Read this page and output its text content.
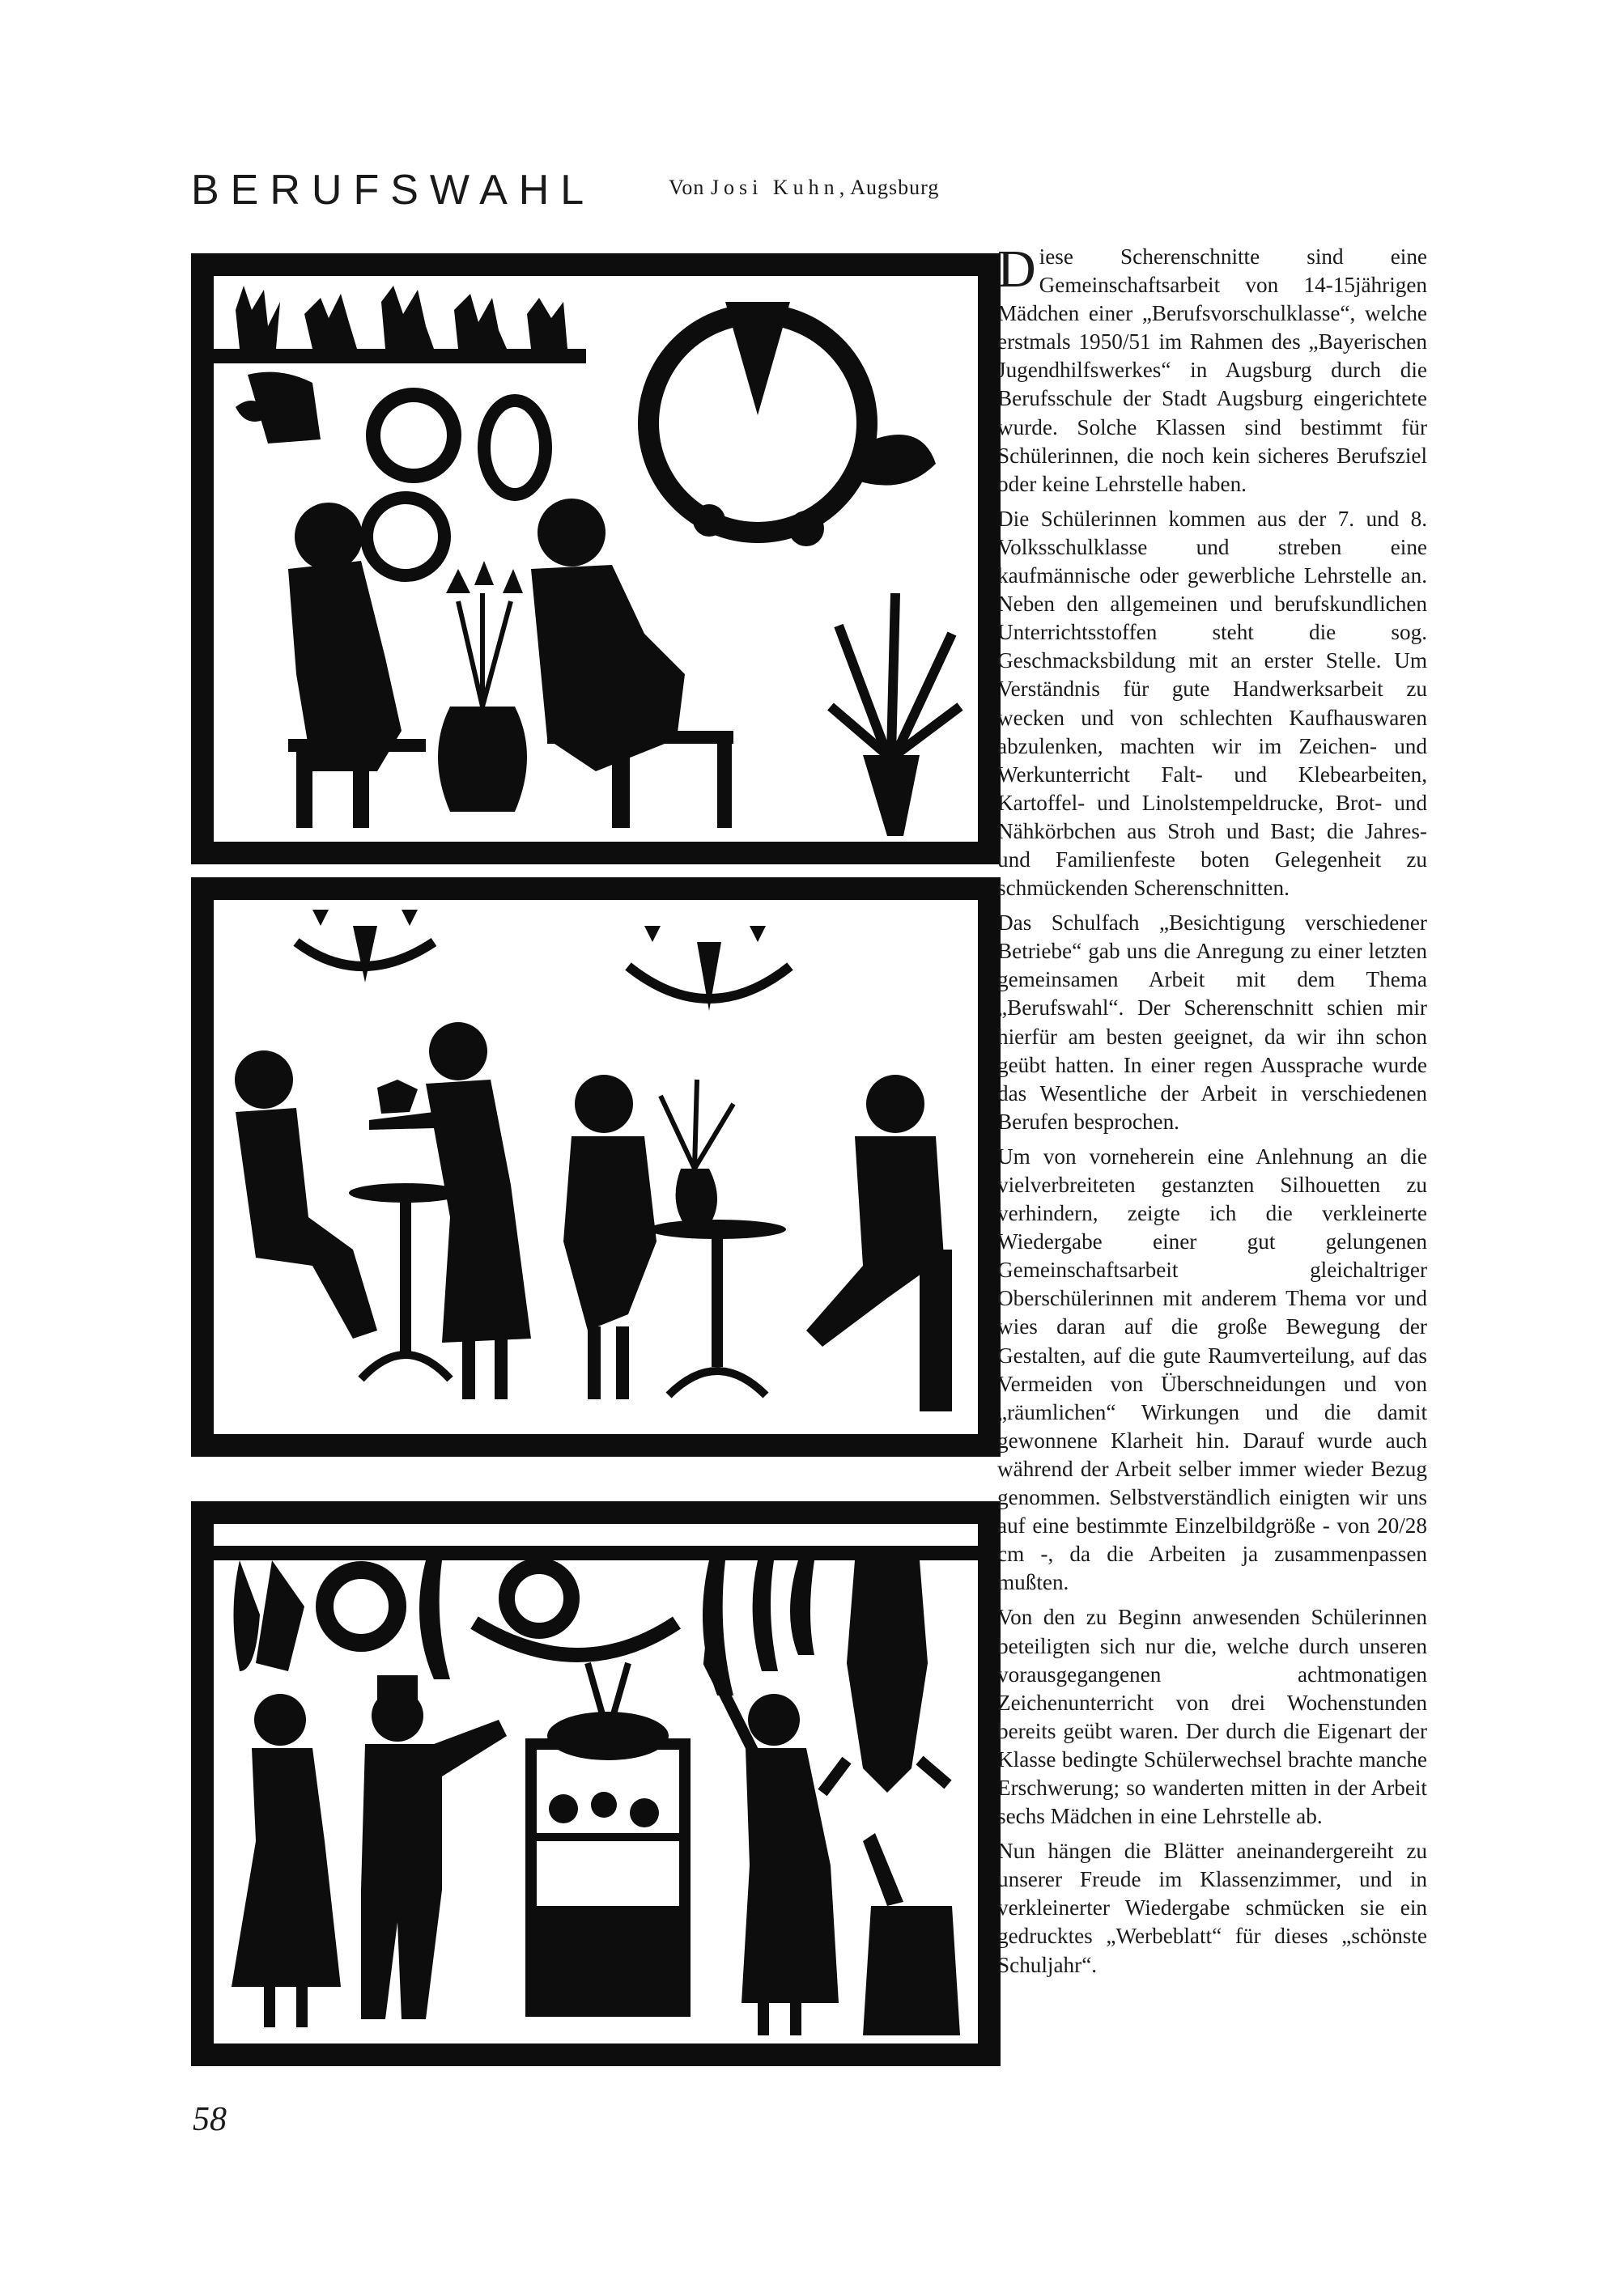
BERUFSWAHL	Von Josi Kuhn, Augsburg

Diese Scherenschnitte sind eine Gemeinschaftsarbeit von 14-15jährigen Mädchen einer „Berufsvorschulklasse“, welche erstmals 1950/51 im Rahmen des „Bayerischen Jugendhilfswerkes“ in Augsburg durch die Berufsschule der Stadt Augsburg eingerichtete wurde. Solche Klassen sind bestimmt für Schülerinnen, die noch kein sicheres Berufsziel oder keine Lehrstelle haben.

Die Schülerinnen kommen aus der 7. und 8. Volksschulklasse und streben eine kaufmännische oder gewerbliche Lehrstelle an. Neben den allgemeinen und berufskundlichen Unterrichtsstoffen steht die sog. Geschmacksbildung mit an erster Stelle. Um Verständnis für gute Handwerksarbeit zu wecken und von schlechten Kaufhauswaren abzulenken, machten wir im Zeichen- und Werkunterricht Falt- und Klebearbeiten, Kartoffel- und Linolstempeldrucke, Brot- und Nähkörbchen aus Stroh und Bast; die Jahres- und Familienfeste boten Gelegenheit zu schmückenden Scherenschnitten.

Das Schulfach „Besichtigung verschiedener Betriebe“ gab uns die Anregung zu einer letzten gemeinsamen Arbeit mit dem Thema „Berufswahl“. Der Scherenschnitt schien mir hierfür am besten geeignet, da wir ihn schon geübt hatten. In einer regen Aussprache wurde das Wesentliche der Arbeit in verschiedenen Berufen besprochen.

Um von vorneherein eine Anlehnung an die vielverbreiteten gestanzten Silhouetten zu verhindern, zeigte ich die verkleinerte Wiedergabe einer gut gelungenen Gemeinschaftsarbeit gleichaltriger Oberschülerinnen mit anderem Thema vor und wies daran auf die große Bewegung der Gestalten, auf die gute Raumverteilung, auf das Vermeiden von Überschneidungen und von „räumlichen“ Wirkungen und die damit gewonnene Klarheit hin. Darauf wurde auch während der Arbeit selber immer wieder Bezug genommen. Selbstverständlich einigten wir uns auf eine bestimmte Einzelbildgröße - von 20/28 cm -, da die Arbeiten ja zusammenpassen mußten.

Von den zu Beginn anwesenden Schülerinnen beteiligten sich nur die, welche durch unseren vorausgegangenen achtmonatigen Zeichenunterricht von drei Wochenstunden bereits geübt waren. Der durch die Eigenart der Klasse bedingte Schülerwechsel brachte manche Erschwerung; so wanderten mitten in der Arbeit sechs Mädchen in eine Lehrstelle ab.

Nun hängen die Blätter aneinandergereiht zu unserer Freude im Klassenzimmer, und in verkleinerter Wiedergabe schmücken sie ein gedrucktes „Werbeblatt“ für dieses „schönste Schuljahr“.

58
